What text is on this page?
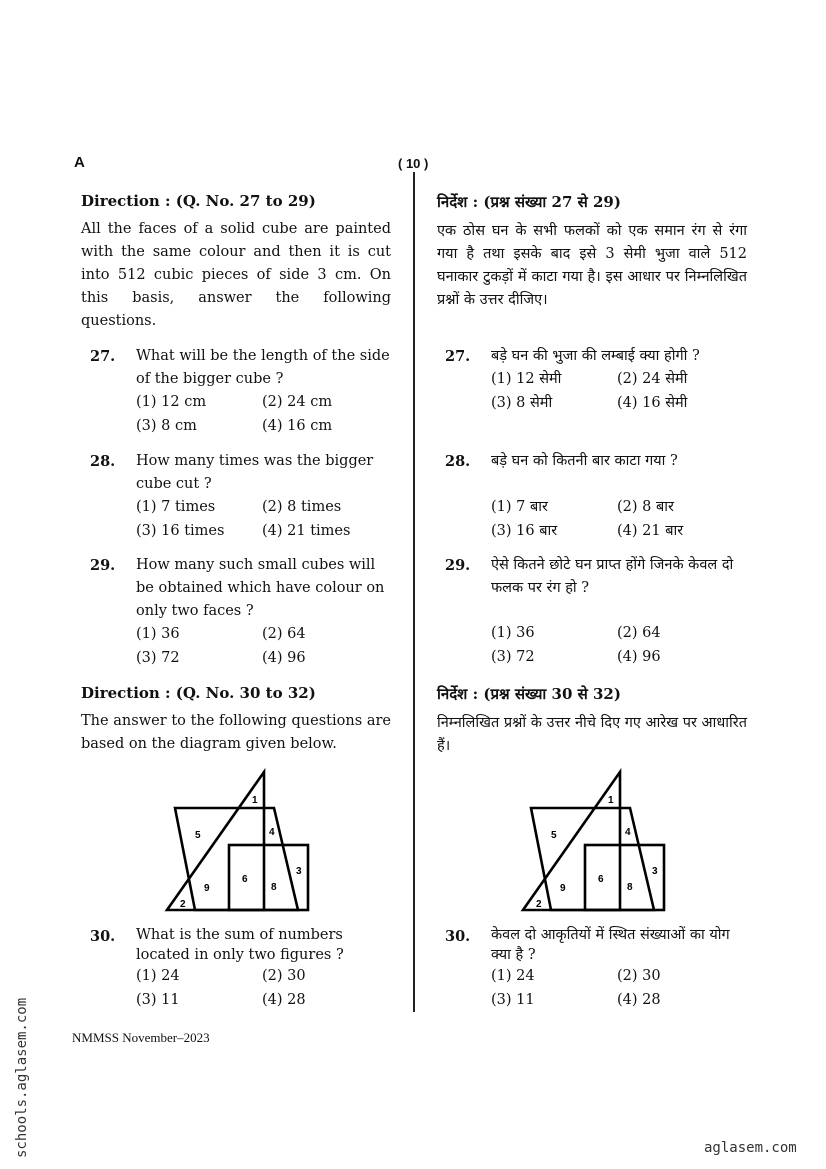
A	( 10 )
Direction : (Q. No. 27 to 29)
All the faces of a solid cube are painted with the same colour and then it is cut into 512 cubic pieces of side 3 cm. On this basis, answer the following questions.
27. What will be the length of the side of the bigger cube ?
(1) 12 cm	(2) 24 cm
(3) 8 cm	(4) 16 cm
28. How many times was the bigger cube cut ?
(1) 7 times	(2) 8 times
(3) 16 times	(4) 21 times
29. How many such small cubes will be obtained which have colour on only two faces ?
(1) 36	(2) 64
(3) 72	(4) 96
Direction : (Q. No. 30 to 32)
The answer to the following questions are based on the diagram given below.
1
2
3
4
5
6
8
9
30. What is the sum of numbers located in only two figures ?
(1) 24	(2) 30
(3) 11	(4) 28
निर्देश : (प्रश्न संख्या 27 से 29)
एक ठोस घन के सभी फलकों को एक समान रंग से रंगा गया है तथा इसके बाद इसे 3 सेमी भुजा वाले 512 घनाकार टुकड़ों में काटा गया है। इस आधार पर निम्नलिखित प्रश्नों के उत्तर दीजिए।
27. बड़े घन की भुजा की लम्बाई क्या होगी ?
(1) 12 सेमी	(2) 24 सेमी
(3) 8 सेमी	(4) 16 सेमी
28. बड़े घन को कितनी बार काटा गया ?
(1) 7 बार	(2) 8 बार
(3) 16 बार	(4) 21 बार
29. ऐसे कितने छोटे घन प्राप्त होंगे जिनके केवल दो फलक पर रंग हो ?
(1) 36	(2) 64
(3) 72	(4) 96
निर्देश : (प्रश्न संख्या 30 से 32)
निम्नलिखित प्रश्नों के उत्तर नीचे दिए गए आरेख पर आधारित हैं।
1
2
3
4
5
6
8
9
30. केवल दो आकृतियों में स्थित संख्याओं का योग क्या है ?
(1) 24	(2) 30
(3) 11	(4) 28
NMMSS November–2023
schools.aglasem.com	aglasem.com
